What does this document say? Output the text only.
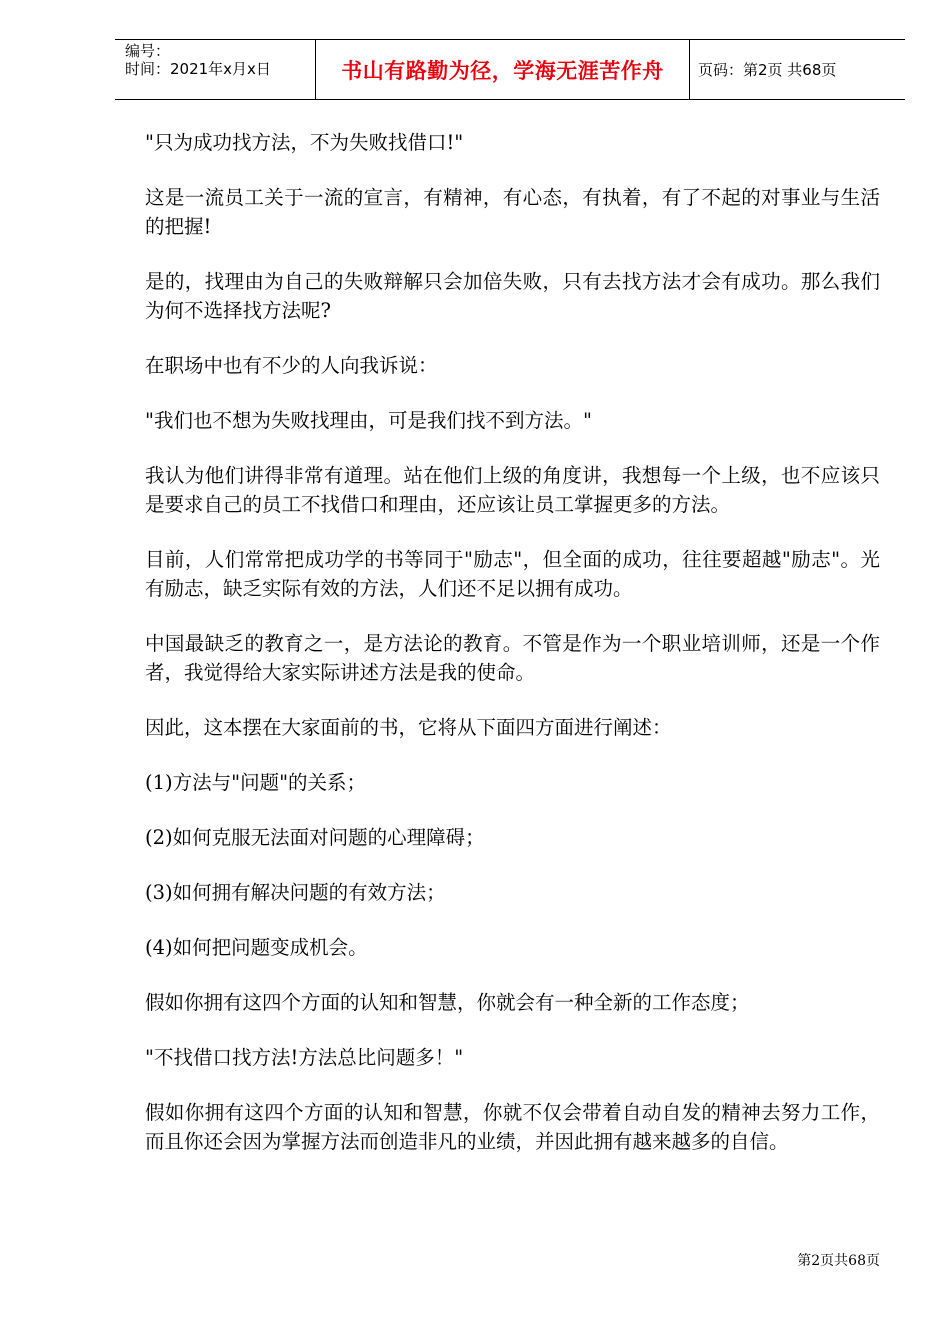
编号：
时间：2021年x月x日	书山有路勤为径，学海无涯苦作舟	页码：第2页 共68页

"只为成功找方法，不为失败找借口!"

这是一流员工关于一流的宣言，有精神，有心态，有执着，有了不起的对事业与生活的把握!

是的，找理由为自己的失败辩解只会加倍失败，只有去找方法才会有成功。那么我们为何不选择找方法呢?

在职场中也有不少的人向我诉说：

"我们也不想为失败找理由，可是我们找不到方法。"

我认为他们讲得非常有道理。站在他们上级的角度讲，我想每一个上级，也不应该只是要求自己的员工不找借口和理由，还应该让员工掌握更多的方法。

目前，人们常常把成功学的书等同于"励志"，但全面的成功，往往要超越"励志"。光有励志，缺乏实际有效的方法，人们还不足以拥有成功。

中国最缺乏的教育之一，是方法论的教育。不管是作为一个职业培训师，还是一个作者，我觉得给大家实际讲述方法是我的使命。

因此，这本摆在大家面前的书，它将从下面四方面进行阐述：

(1)方法与"问题"的关系；

(2)如何克服无法面对问题的心理障碍；

(3)如何拥有解决问题的有效方法；

(4)如何把问题变成机会。

假如你拥有这四个方面的认知和智慧，你就会有一种全新的工作态度；

"不找借口找方法!方法总比问题多！"

假如你拥有这四个方面的认知和智慧，你就不仅会带着自动自发的精神去努力工作，而且你还会因为掌握方法而创造非凡的业绩，并因此拥有越来越多的自信。

第2页共68页
